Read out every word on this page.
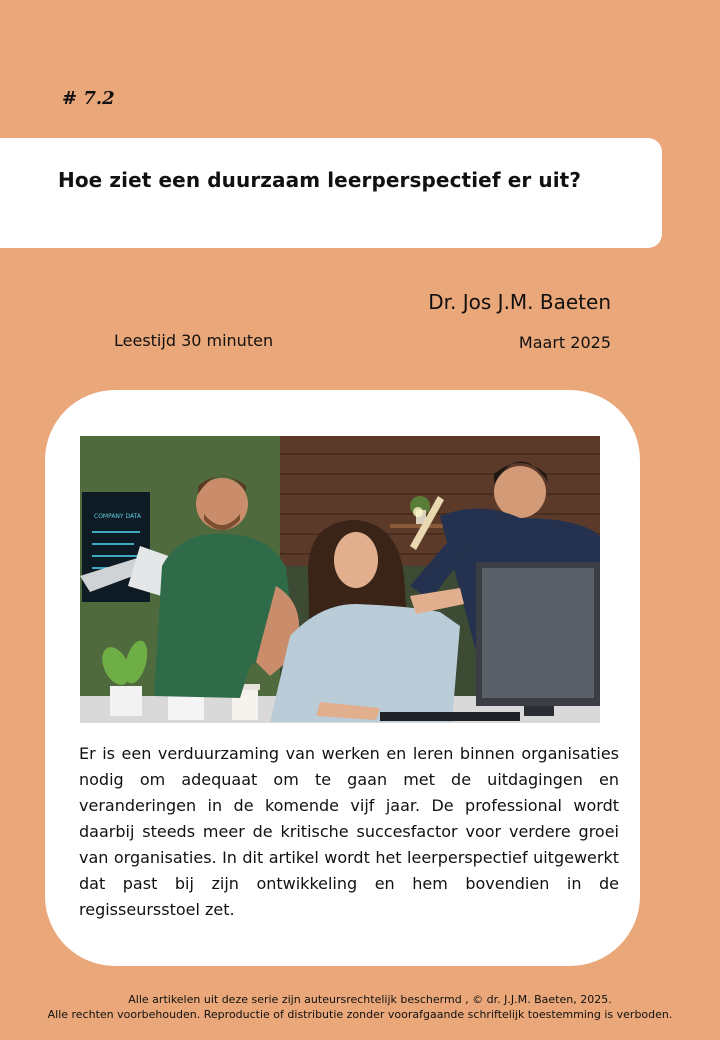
# 7.2
Hoe ziet een duurzaam leerperspectief er uit?
Dr. Jos J.M. Baeten
Leestijd 30 minuten	Maart 2025
COMPANY DATA

Er is een verduurzaming van werken en leren binnen organisaties nodig om adequaat om te gaan met de uitdagingen en veranderingen in de komende vijf jaar. De professional wordt daarbij steeds meer de kritische succesfactor voor verdere groei van organisaties. In dit artikel wordt het leerperspectief uitgewerkt dat past bij zijn ontwikkeling en hem bovendien in de regisseursstoel zet.

Alle artikelen uit deze serie zijn auteursrechtelijk beschermd , © dr. J.J.M. Baeten, 2025.
Alle rechten voorbehouden. Reproductie of distributie zonder voorafgaande schriftelijk toestemming is verboden.
